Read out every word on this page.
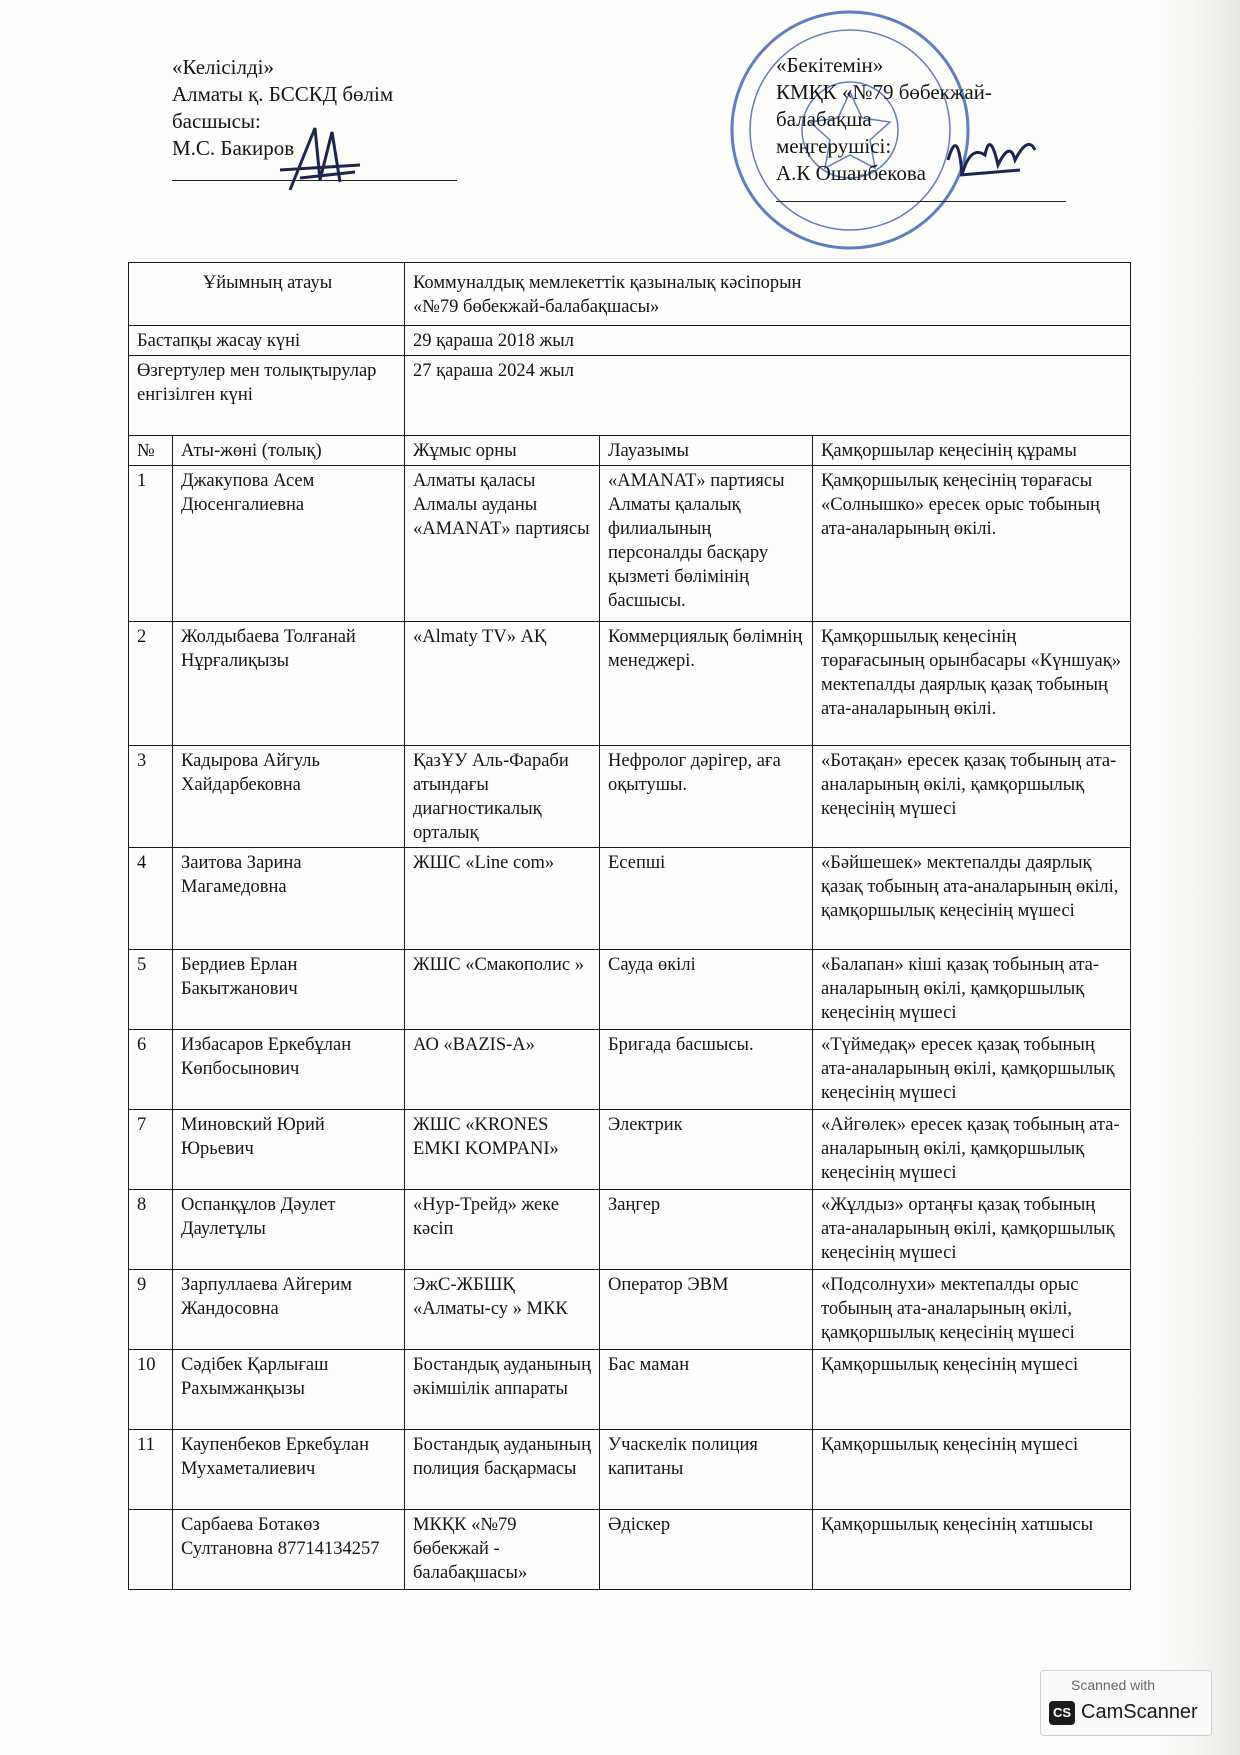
«Келісілді»
Алматы қ. БССКД бөлім басшысы:
М.С. Бакиров
«Бекітемін»
КМҚК «№79 бөбекжай-балабақша
меңгерушісі:
А.К Ошанбекова
Ұйымның атауы		Коммуналдық мемлекеттік қазыналық кәсіпорын
«№79 бөбекжай-балабақшасы»		

Бастапқы жасау күні		29 қараша 2018 жыл		
Өзгертулер мен толықтырулар енгізілген күні		27 қараша 2024 жыл		
№	Аты-жөні (толық)	Жұмыс орны	Лауазымы	Қамқоршылар кеңесінің құрамы
1	Джакупова Асем Дюсенгалиевна	Алматы қаласы Алмалы ауданы «AMANAT» партиясы	«AMANAT» партиясы Алматы қалалық филиалының персоналды басқару қызметі бөлімінің басшысы.	Қамқоршылық кеңесінің төрағасы «Солнышко» ересек орыс тобының ата-аналарының өкілі.
2	Жолдыбаева Толғанай Нұрғалиқызы	«Almaty TV» АҚ	Коммерциялық бөлімнің менеджері.	Қамқоршылық кеңесінің төрағасының орынбасары «Күншуақ» мектепалды даярлық қазақ тобының ата-аналарының өкілі.
3	Кадырова Айгуль Хайдарбековна	ҚазҰУ Аль-Фараби атындағы диагностикалық орталық	Нефролог дәрігер, аға оқытушы.	«Ботақан» ересек қазақ тобының ата-аналарының өкілі, қамқоршылық кеңесінің мүшесі
4	Заитова Зарина Магамедовна	ЖШС «Line com»	Есепші	«Бәйшешек» мектепалды даярлық қазақ тобының ата-аналарының өкілі, қамқоршылық кеңесінің мүшесі
5	Бердиев Ерлан Бакытжанович	ЖШС «Смакополис »	Сауда өкілі	«Балапан» кіші қазақ тобының ата-аналарының өкілі, қамқоршылық кеңесінің мүшесі
6	Избасаров Еркебұлан Көпбосынович	АО «BAZIS-A»	Бригада басшысы.	«Түймедақ» ересек қазақ тобының ата-аналарының өкілі, қамқоршылық кеңесінің мүшесі
7	Миновский Юрий Юрьевич	ЖШС «KRONES EMKI KOMPANI»	Электрик	«Айгөлек» ересек қазақ тобының ата-аналарының өкілі, қамқоршылық кеңесінің мүшесі
8	Оспанқұлов Дәулет Даулетұлы	«Нур-Трейд» жеке кәсіп	Заңгер	«Жұлдыз» ортаңғы қазақ тобының ата-аналарының өкілі, қамқоршылық кеңесінің мүшесі
9	Зарпуллаева Айгерим Жандосовна	ЭжС-ЖБШҚ «Алматы-су » МКК	Оператор ЭВМ	«Подсолнухи» мектепалды орыс тобының ата-аналарының өкілі, қамқоршылық кеңесінің мүшесі
10	Сәдібек Қарлығаш Рахымжанқызы	Бостандық ауданының әкімшілік аппараты	Бас маман	Қамқоршылық кеңесінің мүшесі
11	Каупенбеков Еркебұлан Мухаметалиевич	Бостандық ауданының полиция басқармасы	Учаскелік полиция капитаны	Қамқоршылық кеңесінің мүшесі
	Сарбаева Ботакөз Султановна 87714134257	МКҚК «№79 бөбекжай - балабақшасы»	Әдіскер	Қамқоршылық кеңесінің хатшысы
Scanned with
CS CamScanner
